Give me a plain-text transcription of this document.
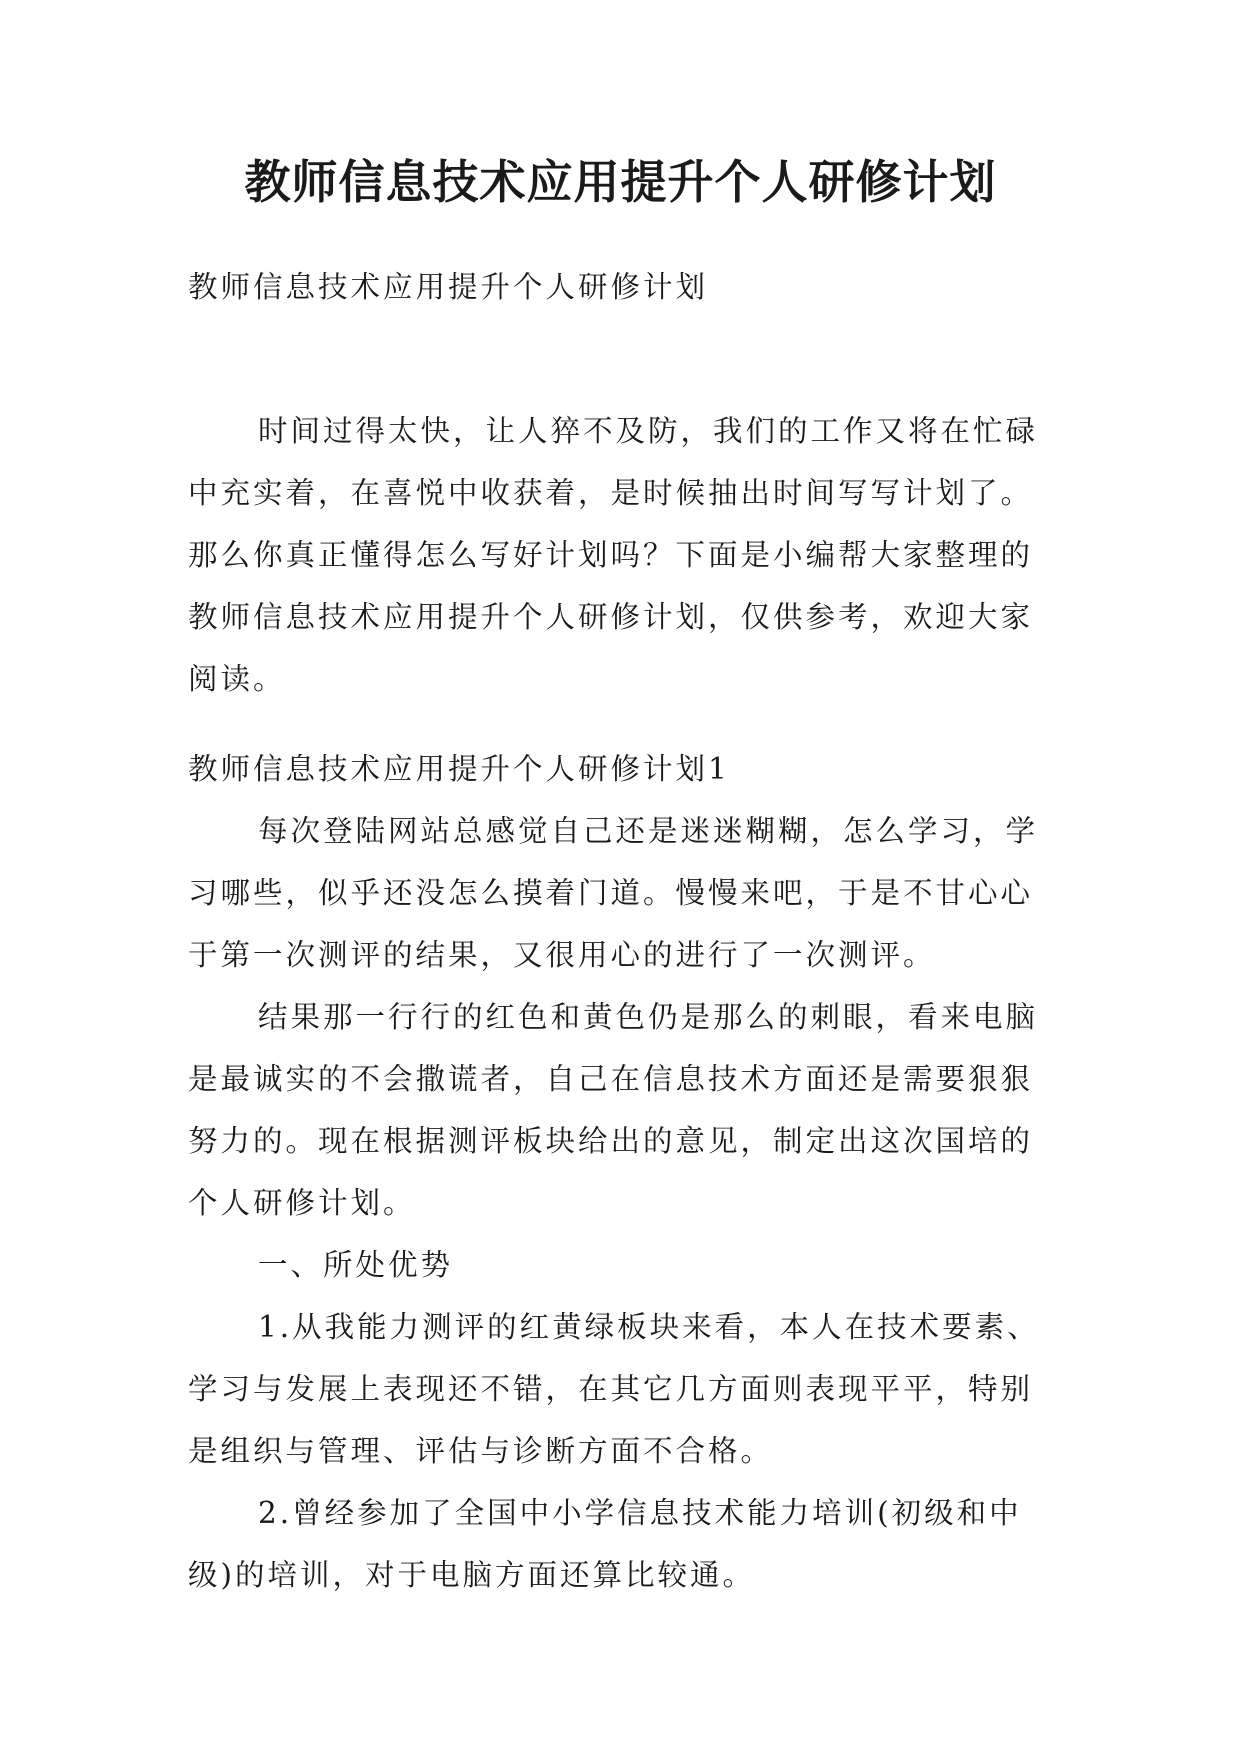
教师信息技术应用提升个人研修计划

教师信息技术应用提升个人研修计划

时间过得太快，让人猝不及防，我们的工作又将在忙碌中充实着，在喜悦中收获着，是时候抽出时间写写计划了。那么你真正懂得怎么写好计划吗？下面是小编帮大家整理的教师信息技术应用提升个人研修计划，仅供参考，欢迎大家阅读。

教师信息技术应用提升个人研修计划1

每次登陆网站总感觉自己还是迷迷糊糊，怎么学习，学习哪些，似乎还没怎么摸着门道。慢慢来吧，于是不甘心心于第一次测评的结果，又很用心的进行了一次测评。

结果那一行行的红色和黄色仍是那么的刺眼，看来电脑是最诚实的不会撒谎者，自己在信息技术方面还是需要狠狠努力的。现在根据测评板块给出的意见，制定出这次国培的个人研修计划。

一、所处优势

1.从我能力测评的红黄绿板块来看，本人在技术要素、学习与发展上表现还不错，在其它几方面则表现平平，特别是组织与管理、评估与诊断方面不合格。

2.曾经参加了全国中小学信息技术能力培训(初级和中级)的培训，对于电脑方面还算比较通。
